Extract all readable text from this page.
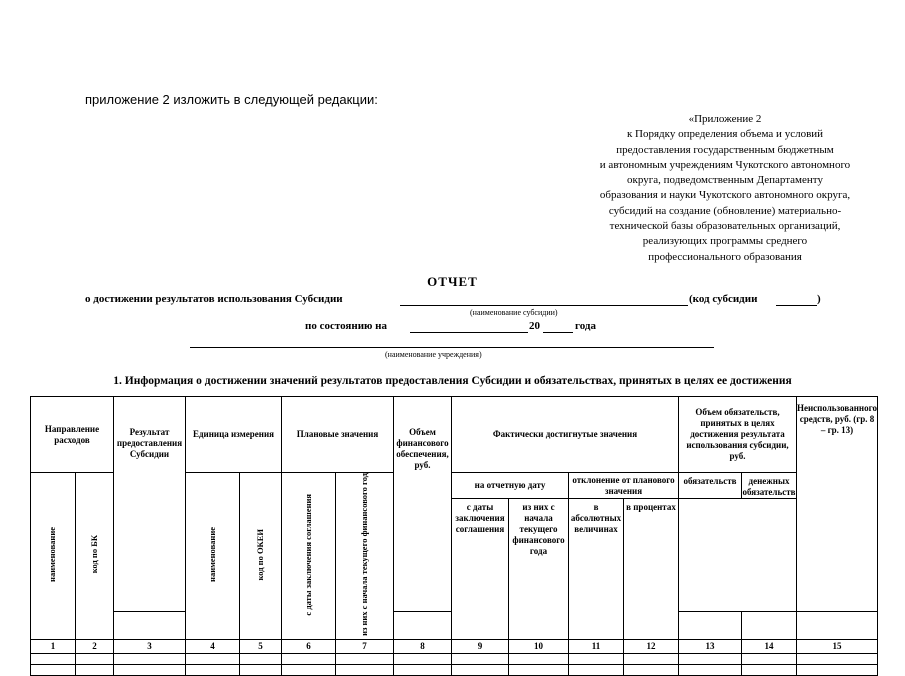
приложение 2 изложить в следующей редакции:
«Приложение 2
к Порядку определения объема и условий
предоставления государственным бюджетным
и автономным учреждениям Чукотского автономного
округа, подведомственным Департаменту
образования и науки Чукотского автономного округа,
субсидий на создание (обновление) материально-
технической базы образовательных организаций,
реализующих программы среднего
профессионального образования
ОТЧЕТ
о достижении результатов использования Субсидии	(код субсидии	)
(наименование субсидии)
по состоянию на	20	года
(наименование учреждения)
1. Информация о достижении значений результатов предоставления Субсидии и обязательствах, принятых в целях ее достижения
Направление расходов		Результат предоставления Субсидии	Единица измерения		Плановые значения		Объем финансового обеспечения, руб.	Фактически достигнутые значения				Объем обязательств, принятых в целях достижения результата использования субсидии, руб.		Неиспользованного средств, руб. (гр. 8 – гр. 13)
наименование	код по БК		наименование	код по ОКЕИ	с даты заключения соглашения	из них с начала текущего финансового год		на отчетную дату		отклонение от планового значения		обязательств	денежных обязательств	
								с даты заключения соглашения	из них с начала текущего финансового года	в абсолютных величинах	в процентах			

1	2	3	4	5	6	7	8	9	10	11	12	13	14	15
